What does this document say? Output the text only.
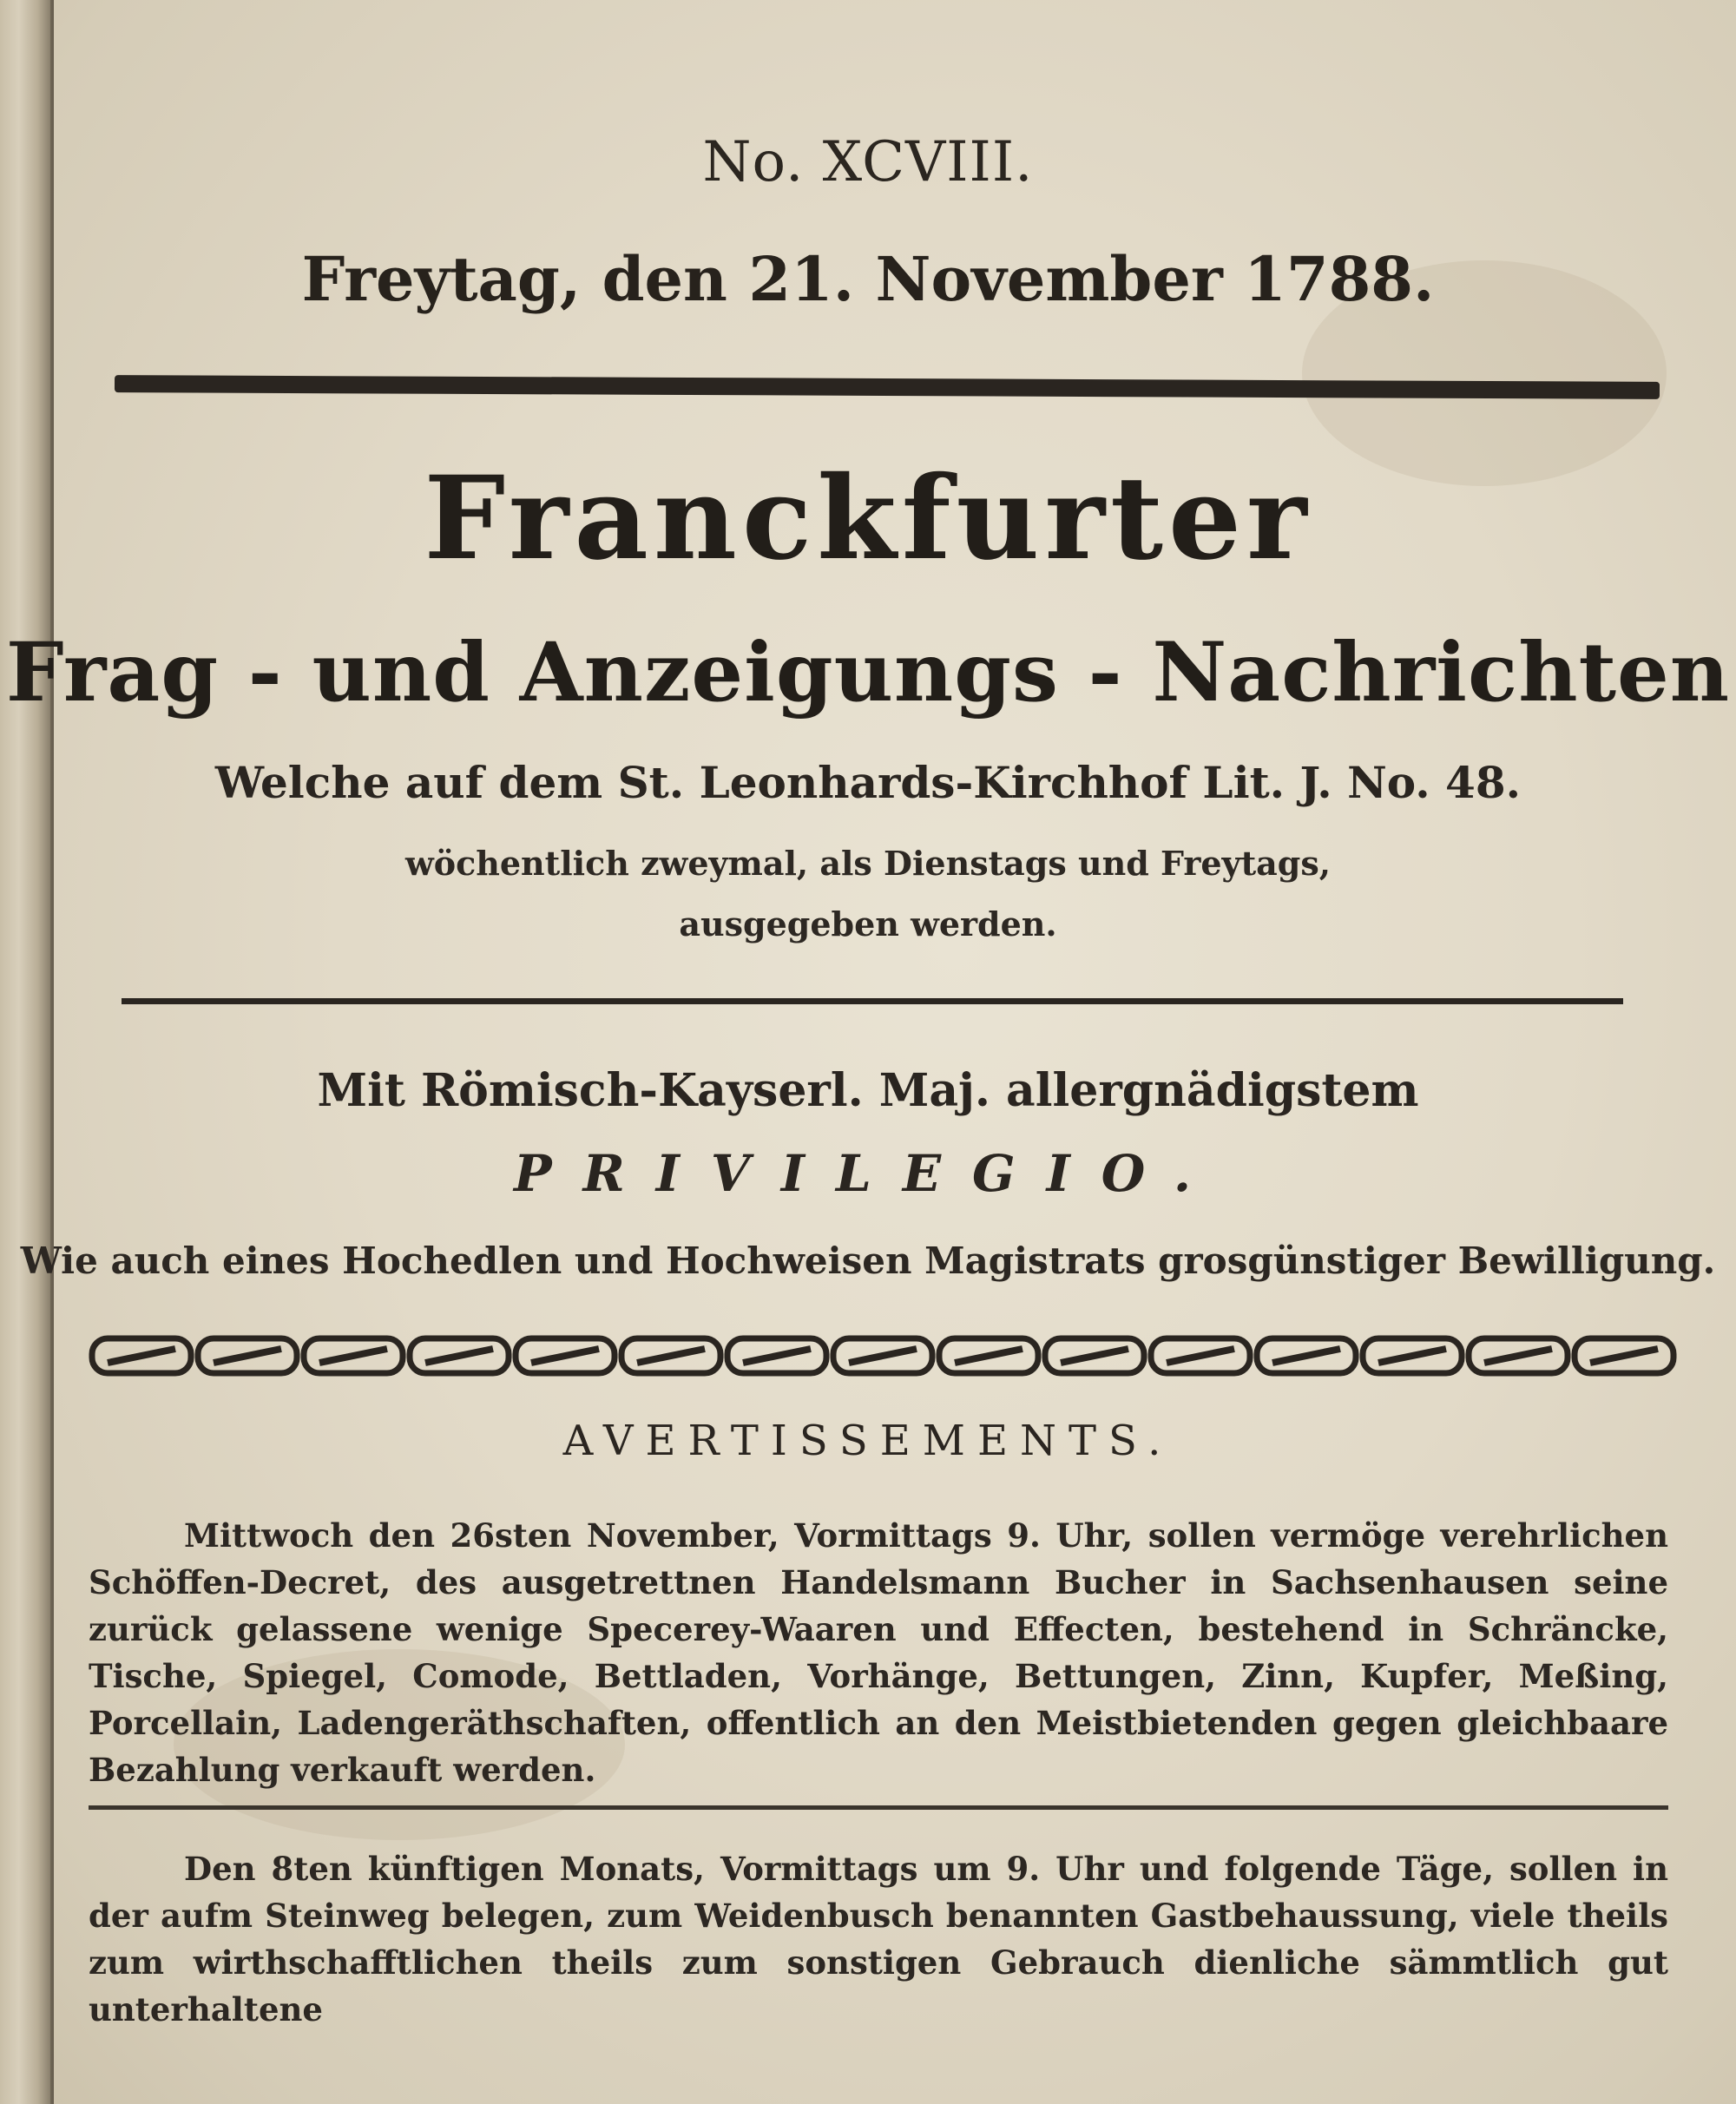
No. XCVIII.
Freytag, den 21. November 1788.
Franckfurter
Frag - und Anzeigungs - Nachrichten
Welche auf dem St. Leonhards-Kirchhof Lit. J. No. 48.
wöchentlich zweymal, als Dienstags und Freytags,
ausgegeben werden.
Mit Römisch-Kayserl. Maj. allergnädigstem
PRIVILEGIO.
Wie auch eines Hochedlen und Hochweisen Magistrats grosgünstiger Bewilligung.
AVERTISSEMENTS.
Mittwoch den 26sten November, Vormittags 9. Uhr, sollen vermöge verehrlichen Schöffen-Decret, des ausgetrettnen Handelsmann Bucher in Sachsenhausen seine zurück gelassene wenige Specerey-Waaren und Effecten, bestehend in Schräncke, Tische, Spiegel, Comode, Bettladen, Vorhänge, Bettungen, Zinn, Kupfer, Meßing, Porcellain, Ladengeräthschaften, offentlich an den Meistbietenden gegen gleichbaare Bezahlung verkauft werden.
Den 8ten künftigen Monats, Vormittags um 9. Uhr und folgende Täge, sollen in der aufm Steinweg belegen, zum Weidenbusch benannten Gastbehaussung, viele theils zum wirthschafftlichen theils zum sonstigen Gebrauch dienliche sämmtlich gut unterhaltene
